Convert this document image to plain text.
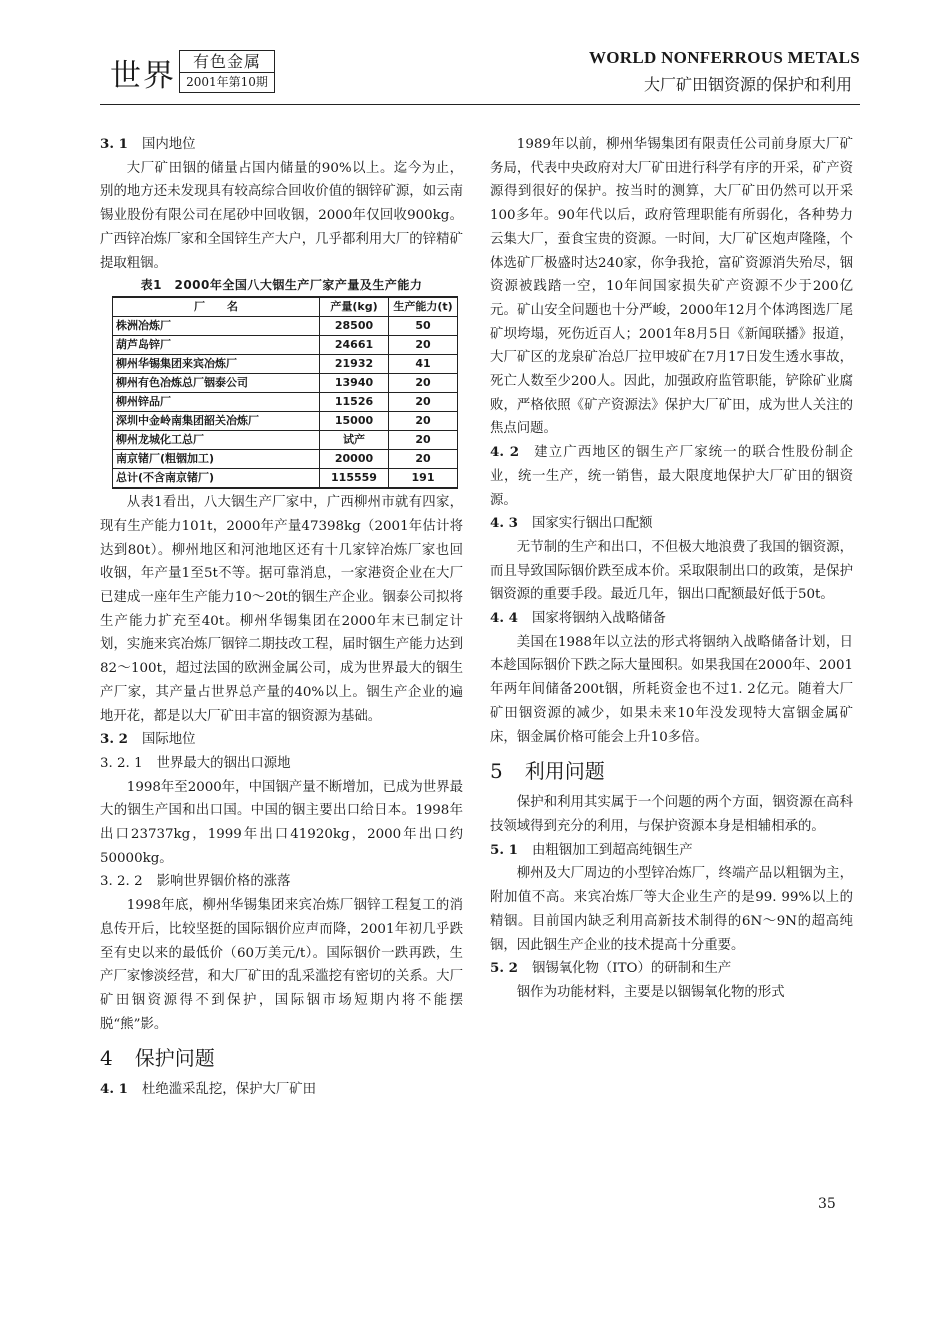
世界	有色金属
2001年第10期
WORLD NONFERROUS METALS
大厂矿田铟资源的保护和利用

3. 1 国内地位

大厂矿田铟的储量占国内储量的90%以上。迄今为止，别的地方还未发现具有较高综合回收价值的铟锌矿源，如云南锡业股份有限公司在尾砂中回收铟，2000年仅回收900kg。广西锌冶炼厂家和全国锌生产大户，几乎都利用大厂的锌精矿提取粗铟。

表1　2000年全国八大铟生产厂家产量及生产能力
厂　　名	产量(kg)	生产能力(t)
株洲冶炼厂	28500	50
葫芦岛锌厂	24661	20
柳州华锡集团来宾冶炼厂	21932	41
柳州有色冶炼总厂铟泰公司	13940	20
柳州锌品厂	11526	20
深圳中金岭南集团韶关冶炼厂	15000	20
柳州龙城化工总厂	试产	20
南京锗厂(粗铟加工)	20000	20
总计(不含南京锗厂)	115559	191

从表1看出，八大铟生产厂家中，广西柳州市就有四家，现有生产能力101t，2000年产量47398kg（2001年估计将达到80t）。柳州地区和河池地区还有十几家锌冶炼厂家也回收铟，年产量1至5t不等。据可靠消息，一家港资企业在大厂已建成一座年生产能力10～20t的铟生产企业。铟泰公司拟将生产能力扩充至40t。柳州华锡集团在2000年末已制定计划，实施来宾冶炼厂铟锌二期技改工程，届时铟生产能力达到82～100t，超过法国的欧洲金属公司，成为世界最大的铟生产厂家，其产量占世界总产量的40%以上。铟生产企业的遍地开花，都是以大厂矿田丰富的铟资源为基础。

3. 2 国际地位

3. 2. 1 世界最大的铟出口源地

1998年至2000年，中国铟产量不断增加，已成为世界最大的铟生产国和出口国。中国的铟主要出口给日本。1998年出口23737kg，1999年出口41920kg，2000年出口约50000kg。

3. 2. 2 影响世界铟价格的涨落

1998年底，柳州华锡集团来宾冶炼厂铟锌工程复工的消息传开后，比较坚挺的国际铟价应声而降，2001年初几乎跌至有史以来的最低价（60万美元/t）。国际铟价一跌再跌，生产厂家惨淡经营，和大厂矿田的乱采滥挖有密切的关系。大厂矿田铟资源得不到保护，国际铟市场短期内将不能摆脱“熊”影。

4 保护问题

4. 1 杜绝滥采乱挖，保护大厂矿田

1989年以前，柳州华锡集团有限责任公司前身原大厂矿务局，代表中央政府对大厂矿田进行科学有序的开采，矿产资源得到很好的保护。按当时的测算，大厂矿田仍然可以开采100多年。90年代以后，政府管理职能有所弱化，各种势力云集大厂，蚕食宝贵的资源。一时间，大厂矿区炮声隆隆，个体选矿厂极盛时达240家，你争我抢，富矿资源消失殆尽，铟资源被践踏一空，10年间国家损失矿产资源不少于200亿元。矿山安全问题也十分严峻，2000年12月个体鸿图选厂尾矿坝垮塌，死伤近百人；2001年8月5日《新闻联播》报道，大厂矿区的龙泉矿冶总厂拉甲坡矿在7月17日发生透水事故，死亡人数至少200人。因此，加强政府监管职能，铲除矿业腐败，严格依照《矿产资源法》保护大厂矿田，成为世人关注的焦点问题。

4. 2 建立广西地区的铟生产厂家统一的联合性股份制企业，统一生产，统一销售，最大限度地保护大厂矿田的铟资源。

4. 3 国家实行铟出口配额

无节制的生产和出口，不但极大地浪费了我国的铟资源，而且导致国际铟价跌至成本价。采取限制出口的政策，是保护铟资源的重要手段。最近几年，铟出口配额最好低于50t。

4. 4 国家将铟纳入战略储备

美国在1988年以立法的形式将铟纳入战略储备计划，日本趁国际铟价下跌之际大量囤积。如果我国在2000年、2001年两年间储备200t铟，所耗资金也不过1. 2亿元。随着大厂矿田铟资源的减少，如果未来10年没发现特大富铟金属矿床，铟金属价格可能会上升10多倍。

5 利用问题

保护和利用其实属于一个问题的两个方面，铟资源在高科技领域得到充分的利用，与保护资源本身是相辅相承的。

5. 1 由粗铟加工到超高纯铟生产

柳州及大厂周边的小型锌冶炼厂，终端产品以粗铟为主，附加值不高。来宾冶炼厂等大企业生产的是99. 99%以上的精铟。目前国内缺乏利用高新技术制得的6N～9N的超高纯铟，因此铟生产企业的技术提高十分重要。

5. 2 铟锡氧化物（ITO）的研制和生产

铟作为功能材料，主要是以铟锡氧化物的形式

35
